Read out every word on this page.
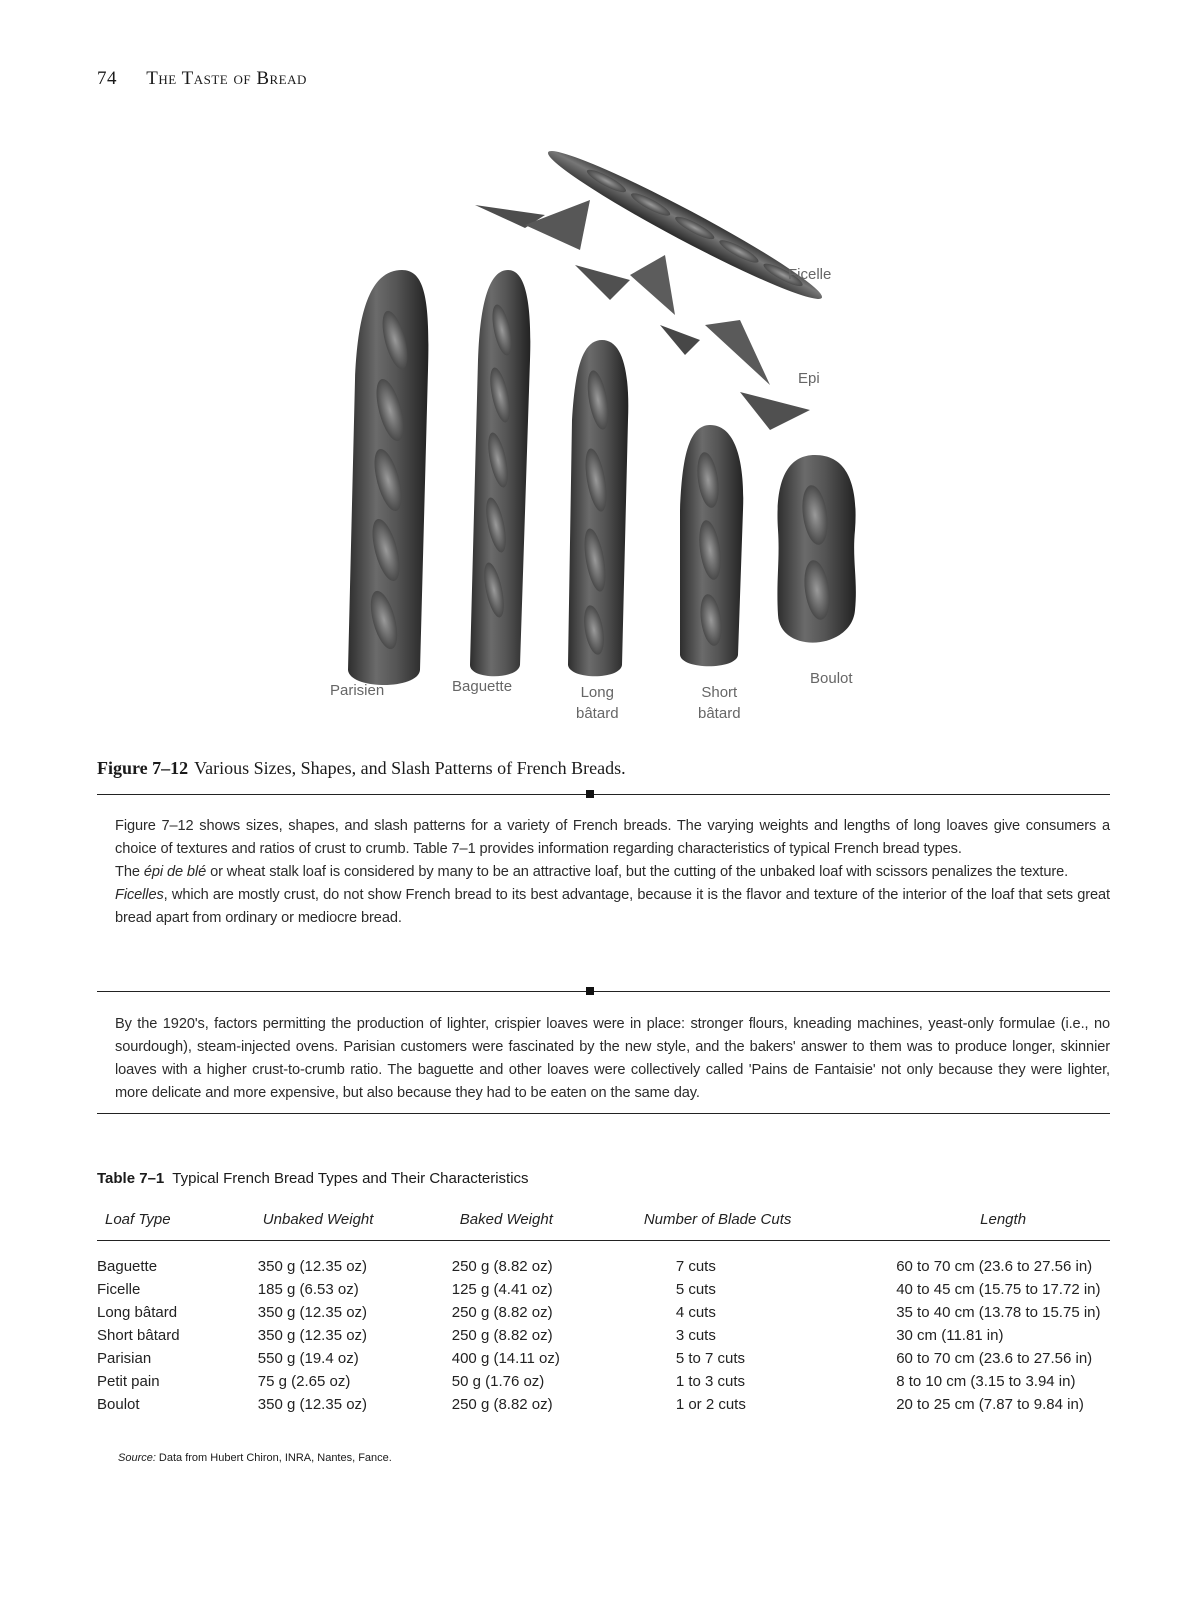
74 The Taste of Bread
Ficelle
Epi
Parisien	Baguette	Long
bâtard
Short
bâtard
Boulot
Figure 7–12 Various Sizes, Shapes, and Slash Patterns of French Breads.

Figure 7–12 shows sizes, shapes, and slash patterns for a variety of French breads. The varying weights and lengths of long loaves give consumers a choice of textures and ratios of crust to crumb. Table 7–1 provides information regarding characteristics of typical French bread types.

The épi de blé or wheat stalk loaf is considered by many to be an attractive loaf, but the cutting of the unbaked loaf with scissors penalizes the texture.

Ficelles, which are mostly crust, do not show French bread to its best advantage, because it is the flavor and texture of the interior of the loaf that sets great bread apart from ordinary or mediocre bread.

By the 1920's, factors permitting the production of lighter, crispier loaves were in place: stronger flours, kneading machines, yeast-only formulae (i.e., no sourdough), steam-injected ovens. Parisian customers were fascinated by the new style, and the bakers' answer to them was to produce longer, skinnier loaves with a higher crust-to-crumb ratio. The baguette and other loaves were collectively called 'Pains de Fantaisie' not only because they were lighter, more delicate and more expensive, but also because they had to be eaten on the same day.

Table 7–1 Typical French Bread Types and Their Characteristics
Loaf Type	Unbaked Weight	Baked Weight	Number of Blade Cuts	Length
Baguette	350 g (12.35 oz)	250 g (8.82 oz)	7 cuts	60 to 70 cm (23.6 to 27.56 in)
Ficelle	185 g (6.53 oz)	125 g (4.41 oz)	5 cuts	40 to 45 cm (15.75 to 17.72 in)
Long bâtard	350 g (12.35 oz)	250 g (8.82 oz)	4 cuts	35 to 40 cm (13.78 to 15.75 in)
Short bâtard	350 g (12.35 oz)	250 g (8.82 oz)	3 cuts	30 cm (11.81 in)
Parisian	550 g (19.4 oz)	400 g (14.11 oz)	5 to 7 cuts	60 to 70 cm (23.6 to 27.56 in)
Petit pain	75 g (2.65 oz)	50 g (1.76 oz)	1 to 3 cuts	8 to 10 cm (3.15 to 3.94 in)
Boulot	350 g (12.35 oz)	250 g (8.82 oz)	1 or 2 cuts	20 to 25 cm (7.87 to 9.84 in)
Source: Data from Hubert Chiron, INRA, Nantes, Fance.
